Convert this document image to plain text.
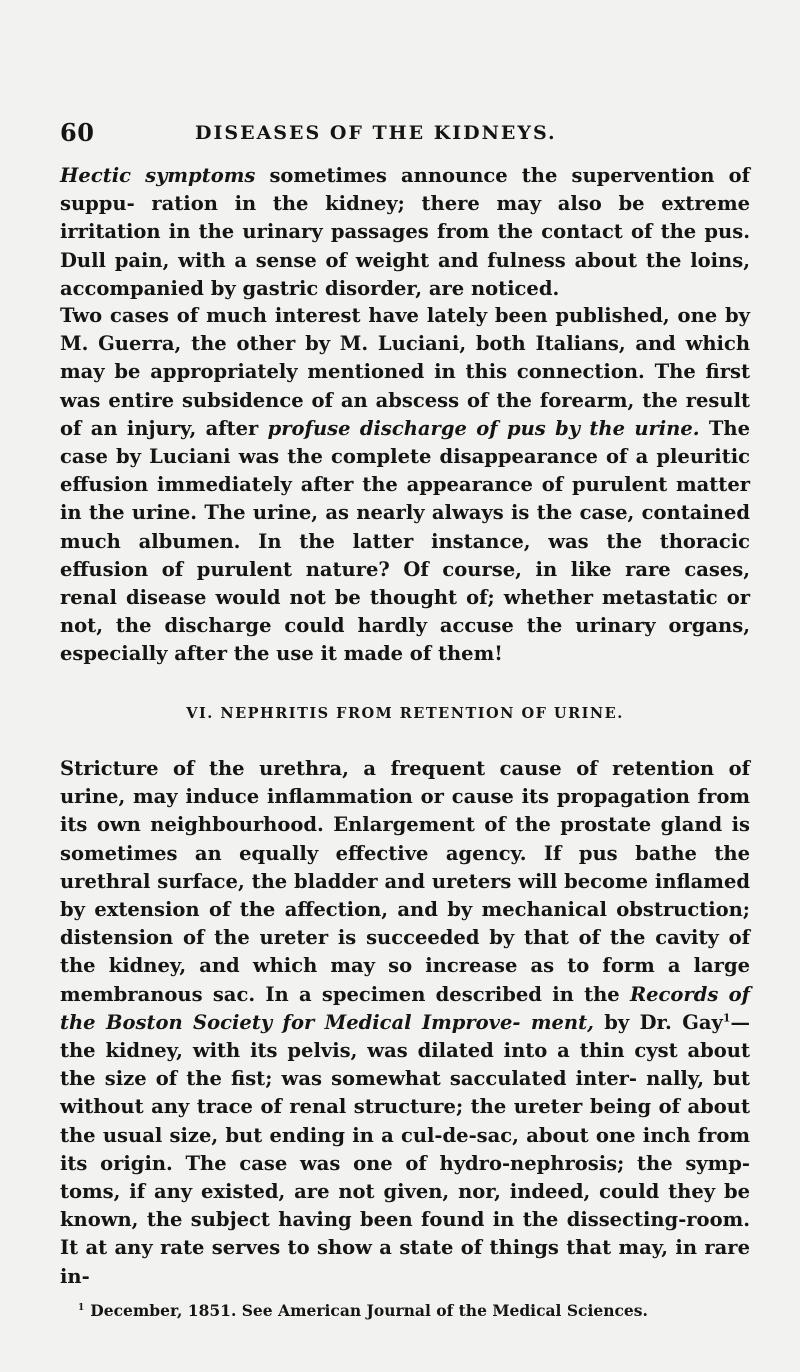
60	DISEASES OF THE KIDNEYS.

Hectic symptoms sometimes announce the supervention of suppu- ration in the kidney; there may also be extreme irritation in the urinary passages from the contact of the pus. Dull pain, with a sense of weight and fulness about the loins, accompanied by gastric disorder, are noticed.

Two cases of much interest have lately been published, one by M. Guerra, the other by M. Luciani, both Italians, and which may be appropriately mentioned in this connection. The first was entire subsidence of an abscess of the forearm, the result of an injury, after profuse discharge of pus by the urine. The case by Luciani was the complete disappearance of a pleuritic effusion immediately after the appearance of purulent matter in the urine. The urine, as nearly always is the case, contained much albumen. In the latter instance, was the thoracic effusion of purulent nature? Of course, in like rare cases, renal disease would not be thought of; whether metastatic or not, the discharge could hardly accuse the urinary organs, especially after the use it made of them!

VI. NEPHRITIS FROM RETENTION OF URINE.

Stricture of the urethra, a frequent cause of retention of urine, may induce inflammation or cause its propagation from its own neighbourhood. Enlargement of the prostate gland is sometimes an equally effective agency. If pus bathe the urethral surface, the bladder and ureters will become inflamed by extension of the affection, and by mechanical obstruction; distension of the ureter is succeeded by that of the cavity of the kidney, and which may so increase as to form a large membranous sac. In a specimen described in the Records of the Boston Society for Medical Improve- ment, by Dr. Gay$^1$—the kidney, with its pelvis, was dilated into a thin cyst about the size of the fist; was somewhat sacculated inter- nally, but without any trace of renal structure; the ureter being of about the usual size, but ending in a cul-de-sac, about one inch from its origin. The case was one of hydro-nephrosis; the symp- toms, if any existed, are not given, nor, indeed, could they be known, the subject having been found in the dissecting-room. It at any rate serves to show a state of things that may, in rare in-

$^1$ December, 1851. See American Journal of the Medical Sciences.
